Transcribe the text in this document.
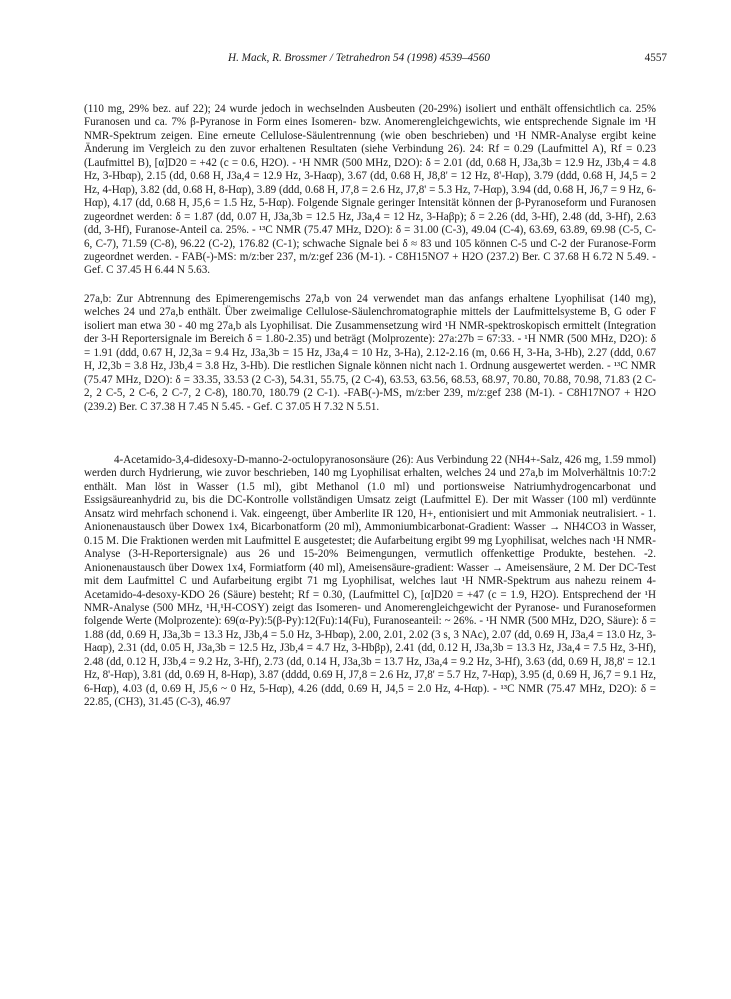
H. Mack, R. Brossmer / Tetrahedron 54 (1998) 4539–4560	4557

(110 mg, 29% bez. auf 22); 24 wurde jedoch in wechselnden Ausbeuten (20-29%) isoliert und enthält offensichtlich ca. 25% Furanosen und ca. 7% β-Pyranose in Form eines Isomeren- bzw. Anomerengleichgewichts, wie entsprechende Signale im ¹H NMR-Spektrum zeigen. Eine erneute Cellulose-Säulentrennung (wie oben beschrieben) und ¹H NMR-Analyse ergibt keine Änderung im Vergleich zu den zuvor erhaltenen Resultaten (siehe Verbindung 26). 24: Rf = 0.29 (Laufmittel A), Rf = 0.23 (Laufmittel B), [α]D20 = +42 (c = 0.6, H2O). - ¹H NMR (500 MHz, D2O): δ = 2.01 (dd, 0.68 H, J3a,3b = 12.9 Hz, J3b,4 = 4.8 Hz, 3-Hbαp), 2.15 (dd, 0.68 H, J3a,4 = 12.9 Hz, 3-Haαp), 3.67 (dd, 0.68 H, J8,8' = 12 Hz, 8'-Hαp), 3.79 (ddd, 0.68 H, J4,5 = 2 Hz, 4-Hαp), 3.82 (dd, 0.68 H, 8-Hαp), 3.89 (ddd, 0.68 H, J7,8 = 2.6 Hz, J7,8' = 5.3 Hz, 7-Hαp), 3.94 (dd, 0.68 H, J6,7 = 9 Hz, 6-Hαp), 4.17 (dd, 0.68 H, J5,6 = 1.5 Hz, 5-Hαp). Folgende Signale geringer Intensität können der β-Pyranoseform und Furanosen zugeordnet werden: δ = 1.87 (dd, 0.07 H, J3a,3b = 12.5 Hz, J3a,4 = 12 Hz, 3-Haβp); δ = 2.26 (dd, 3-Hf), 2.48 (dd, 3-Hf), 2.63 (dd, 3-Hf), Furanose-Anteil ca. 25%. - ¹³C NMR (75.47 MHz, D2O): δ = 31.00 (C-3), 49.04 (C-4), 63.69, 63.89, 69.98 (C-5, C-6, C-7), 71.59 (C-8), 96.22 (C-2), 176.82 (C-1); schwache Signale bei δ ≈ 83 und 105 können C-5 und C-2 der Furanose-Form zugeordnet werden. - FAB(-)-MS: m/z:ber 237, m/z:gef 236 (M-1). - C8H15NO7 + H2O (237.2) Ber. C 37.68 H 6.72 N 5.49. - Gef. C 37.45 H 6.44 N 5.63.

27a,b: Zur Abtrennung des Epimerengemischs 27a,b von 24 verwendet man das anfangs erhaltene Lyophilisat (140 mg), welches 24 und 27a,b enthält. Über zweimalige Cellulose-Säulenchromatographie mittels der Laufmittelsysteme B, G oder F isoliert man etwa 30 - 40 mg 27a,b als Lyophilisat. Die Zusammensetzung wird ¹H NMR-spektroskopisch ermittelt (Integration der 3-H Reportersignale im Bereich δ = 1.80-2.35) und beträgt (Molprozente): 27a:27b = 67:33. - ¹H NMR (500 MHz, D2O): δ = 1.91 (ddd, 0.67 H, J2,3a = 9.4 Hz, J3a,3b = 15 Hz, J3a,4 = 10 Hz, 3-Ha), 2.12-2.16 (m, 0.66 H, 3-Ha, 3-Hb), 2.27 (ddd, 0.67 H, J2,3b = 3.8 Hz, J3b,4 = 3.8 Hz, 3-Hb). Die restlichen Signale können nicht nach 1. Ordnung ausgewertet werden. - ¹³C NMR (75.47 MHz, D2O): δ = 33.35, 33.53 (2 C-3), 54.31, 55.75, (2 C-4), 63.53, 63.56, 68.53, 68.97, 70.80, 70.88, 70.98, 71.83 (2 C-2, 2 C-5, 2 C-6, 2 C-7, 2 C-8), 180.70, 180.79 (2 C-1). -FAB(-)-MS, m/z:ber 239, m/z:gef 238 (M-1). - C8H17NO7 + H2O (239.2) Ber. C 37.38 H 7.45 N 5.45. - Gef. C 37.05 H 7.32 N 5.51.

4-Acetamido-3,4-didesoxy-D-manno-2-octulopyranosonsäure (26): Aus Verbindung 22 (NH4+-Salz, 426 mg, 1.59 mmol) werden durch Hydrierung, wie zuvor beschrieben, 140 mg Lyophilisat erhalten, welches 24 und 27a,b im Molverhältnis 10:7:2 enthält. Man löst in Wasser (1.5 ml), gibt Methanol (1.0 ml) und portionsweise Natriumhydrogencarbonat und Essigsäureanhydrid zu, bis die DC-Kontrolle vollständigen Umsatz zeigt (Laufmittel E). Der mit Wasser (100 ml) verdünnte Ansatz wird mehrfach schonend i. Vak. eingeengt, über Amberlite IR 120, H+, entionisiert und mit Ammoniak neutralisiert. - 1. Anionenaustausch über Dowex 1x4, Bicarbonatform (20 ml), Ammoniumbicarbonat-Gradient: Wasser → NH4CO3 in Wasser, 0.15 M. Die Fraktionen werden mit Laufmittel E ausgetestet; die Aufarbeitung ergibt 99 mg Lyophilisat, welches nach ¹H NMR-Analyse (3-H-Reportersignale) aus 26 und 15-20% Beimengungen, vermutlich offenkettige Produkte, bestehen. -2. Anionenaustausch über Dowex 1x4, Formiatform (40 ml), Ameisensäure-gradient: Wasser → Ameisensäure, 2 M. Der DC-Test mit dem Laufmittel C und Aufarbeitung ergibt 71 mg Lyophilisat, welches laut ¹H NMR-Spektrum aus nahezu reinem 4-Acetamido-4-desoxy-KDO 26 (Säure) besteht; Rf = 0.30, (Laufmittel C), [α]D20 = +47 (c = 1.9, H2O). Entsprechend der ¹H NMR-Analyse (500 MHz, ¹H,¹H-COSY) zeigt das Isomeren- und Anomerengleichgewicht der Pyranose- und Furanoseformen folgende Werte (Molprozente): 69(α-Py):5(β-Py):12(Fu):14(Fu), Furanoseanteil: ~ 26%. - ¹H NMR (500 MHz, D2O, Säure): δ = 1.88 (dd, 0.69 H, J3a,3b = 13.3 Hz, J3b,4 = 5.0 Hz, 3-Hbαp), 2.00, 2.01, 2.02 (3 s, 3 NAc), 2.07 (dd, 0.69 H, J3a,4 = 13.0 Hz, 3-Haαp), 2.31 (dd, 0.05 H, J3a,3b = 12.5 Hz, J3b,4 = 4.7 Hz, 3-Hbβp), 2.41 (dd, 0.12 H, J3a,3b = 13.3 Hz, J3a,4 = 7.5 Hz, 3-Hf), 2.48 (dd, 0.12 H, J3b,4 = 9.2 Hz, 3-Hf), 2.73 (dd, 0.14 H, J3a,3b = 13.7 Hz, J3a,4 = 9.2 Hz, 3-Hf), 3.63 (dd, 0.69 H, J8,8' = 12.1 Hz, 8'-Hαp), 3.81 (dd, 0.69 H, 8-Hαp), 3.87 (dddd, 0.69 H, J7,8 = 2.6 Hz, J7,8' = 5.7 Hz, 7-Hαp), 3.95 (d, 0.69 H, J6,7 = 9.1 Hz, 6-Hαp), 4.03 (d, 0.69 H, J5,6 ~ 0 Hz, 5-Hαp), 4.26 (ddd, 0.69 H, J4,5 = 2.0 Hz, 4-Hαp). - ¹³C NMR (75.47 MHz, D2O): δ = 22.85, (CH3), 31.45 (C-3), 46.97
